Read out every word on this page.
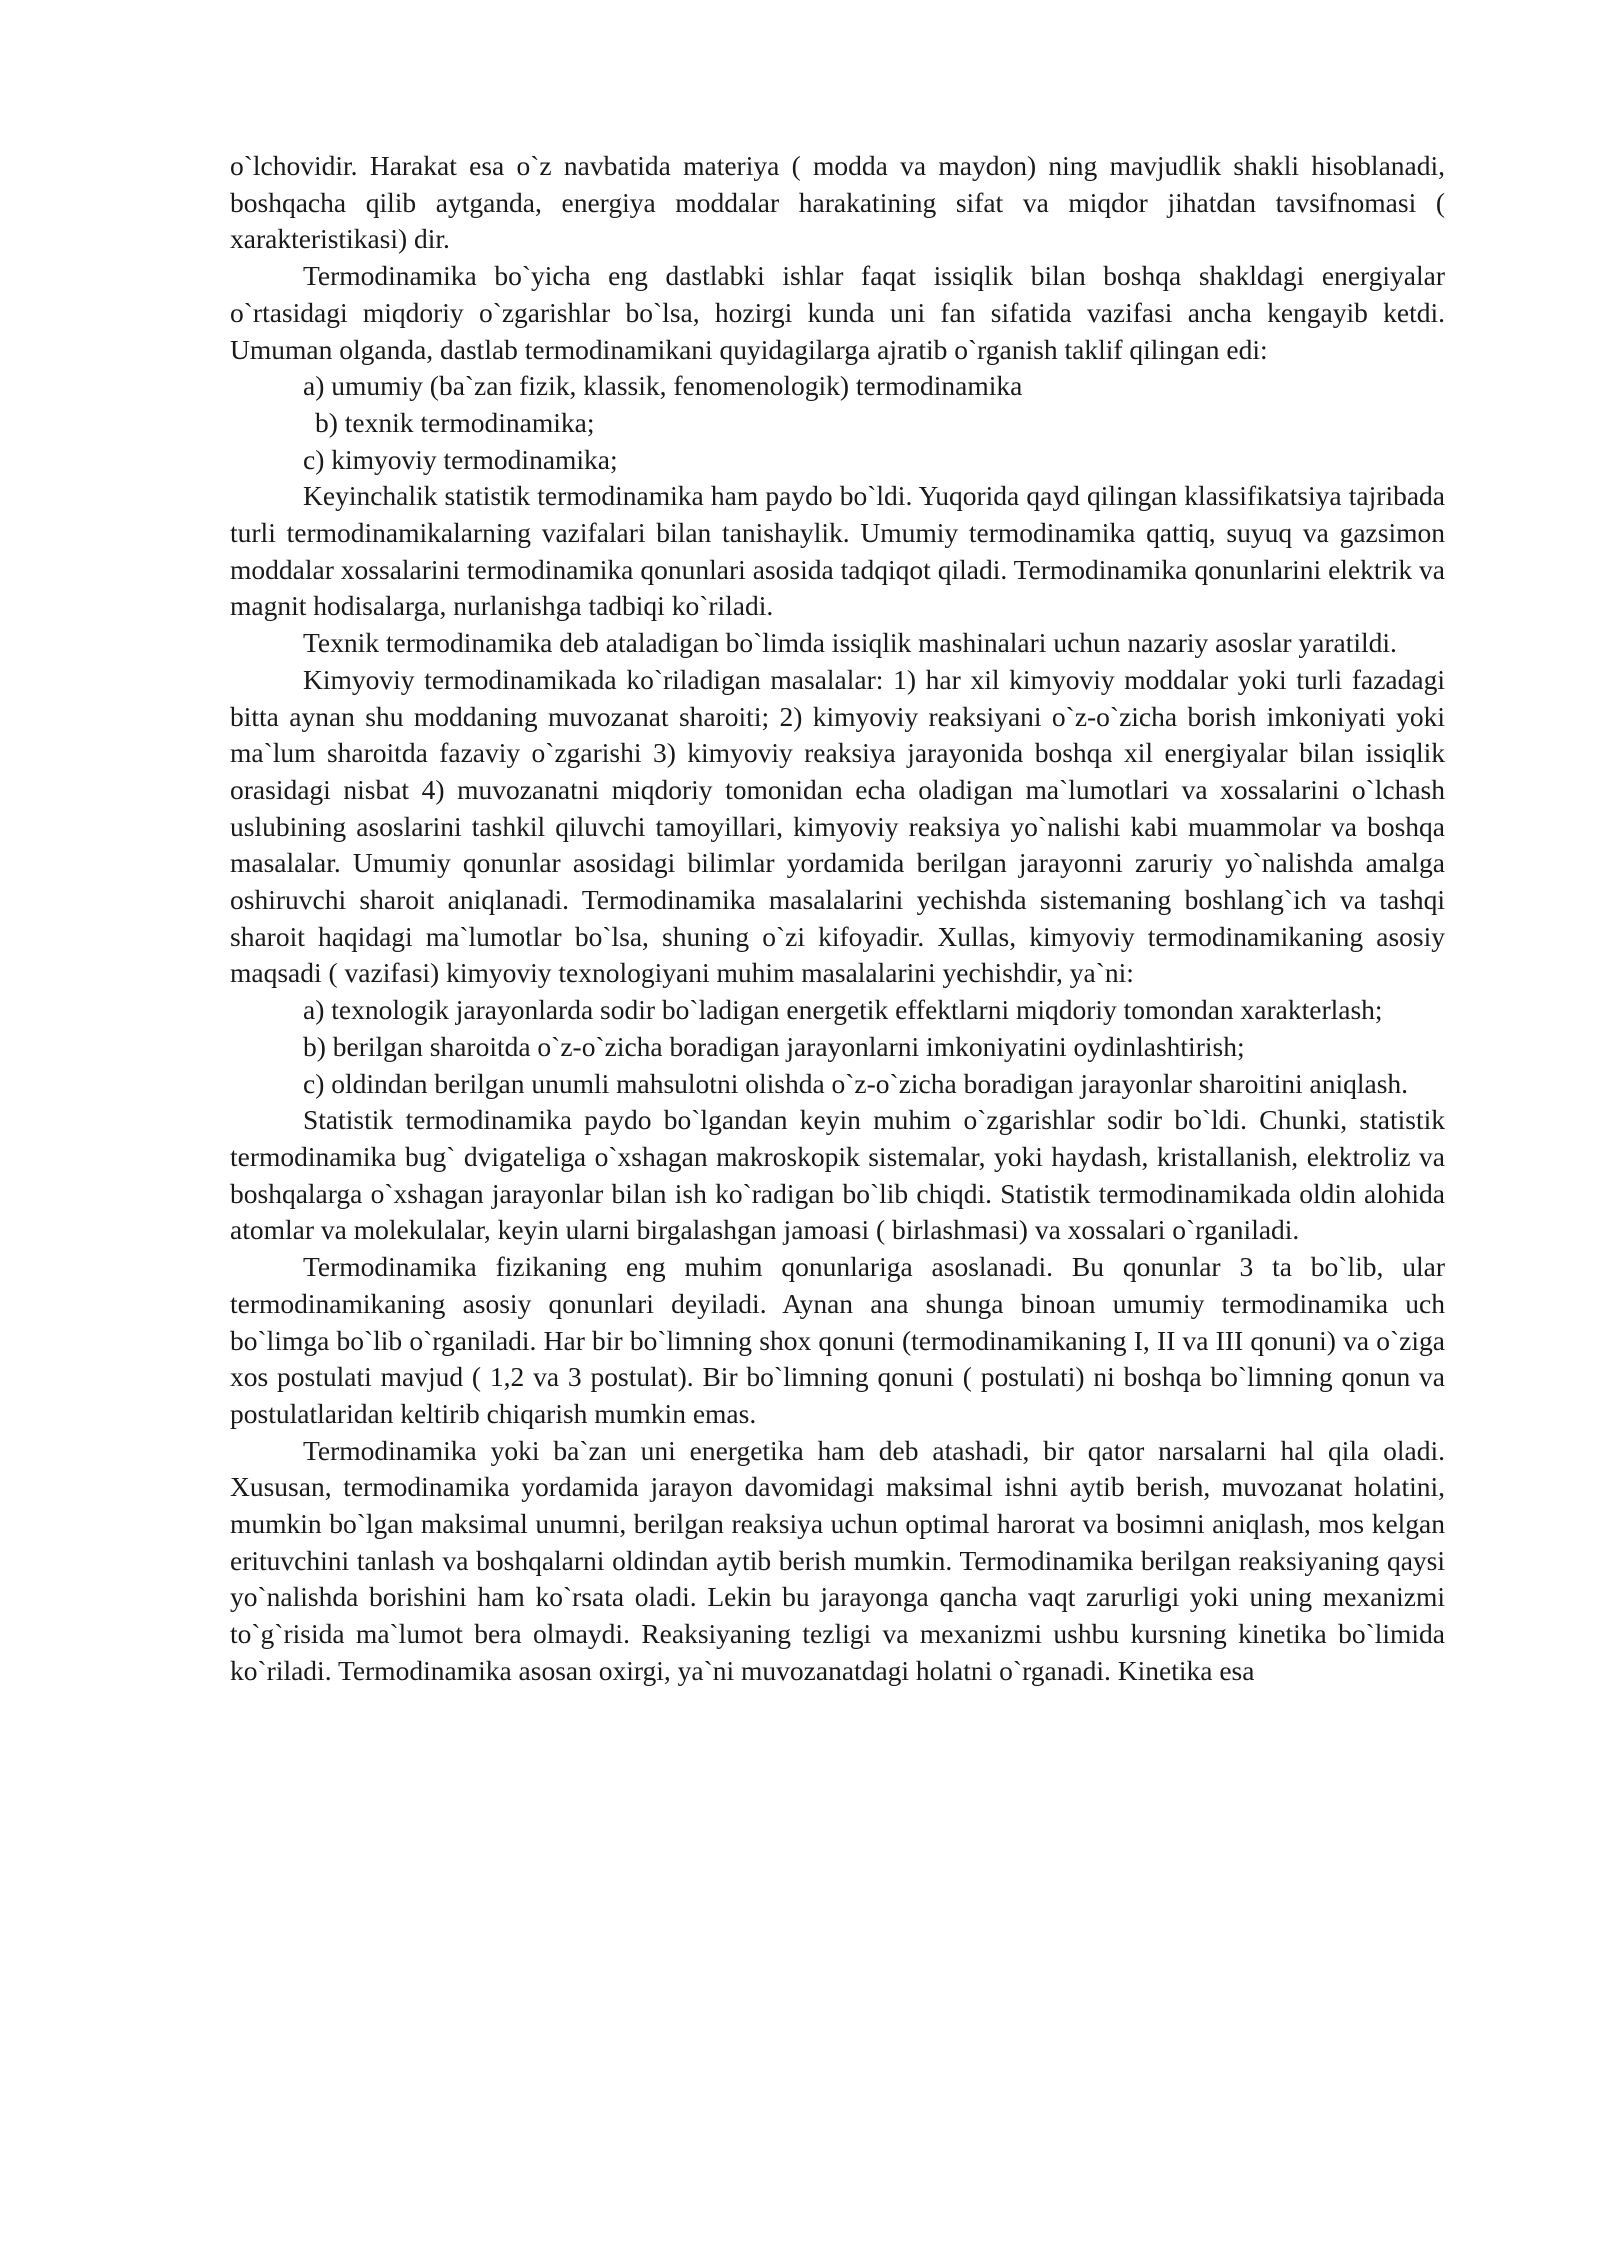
o`lchovidir. Harakat esa o`z navbatida materiya ( modda va maydon) ning mavjudlik shakli hisoblanadi, boshqacha qilib aytganda, energiya moddalar harakatining sifat va miqdor jihatdan tavsifnomasi ( xarakteristikasi) dir.

Termodinamika bo`yicha eng dastlabki ishlar faqat issiqlik bilan boshqa shakldagi energiyalar o`rtasidagi miqdoriy o`zgarishlar bo`lsa, hozirgi kunda uni fan sifatida vazifasi ancha kengayib ketdi. Umuman olganda, dastlab termodinamikani quyidagilarga ajratib o`rganish taklif qilingan edi:

a) umumiy (ba`zan fizik, klassik, fenomenologik) termodinamika

b) texnik termodinamika;

c) kimyoviy termodinamika;

Keyinchalik statistik termodinamika ham paydo bo`ldi. Yuqorida qayd qilingan klassifikatsiya tajribada turli termodinamikalarning vazifalari bilan tanishaylik. Umumiy termodinamika qattiq, suyuq va gazsimon moddalar xossalarini termodinamika qonunlari asosida tadqiqot qiladi. Termodinamika qonunlarini elektrik va magnit hodisalarga, nurlanishga tadbiqi ko`riladi.

Texnik termodinamika deb ataladigan bo`limda issiqlik mashinalari uchun nazariy asoslar yaratildi.

Kimyoviy termodinamikada ko`riladigan masalalar: 1) har xil kimyoviy moddalar yoki turli fazadagi bitta aynan shu moddaning muvozanat sharoiti; 2) kimyoviy reaksiyani o`z-o`zicha borish imkoniyati yoki ma`lum sharoitda fazaviy o`zgarishi 3) kimyoviy reaksiya jarayonida boshqa xil energiyalar bilan issiqlik orasidagi nisbat 4) muvozanatni miqdoriy tomonidan echa oladigan ma`lumotlari va xossalarini o`lchash uslubining asoslarini tashkil qiluvchi tamoyillari, kimyoviy reaksiya yo`nalishi kabi muammolar va boshqa masalalar. Umumiy qonunlar asosidagi bilimlar yordamida berilgan jarayonni zaruriy yo`nalishda amalga oshiruvchi sharoit aniqlanadi. Termodinamika masalalarini yechishda sistemaning boshlang`ich va tashqi sharoit haqidagi ma`lumotlar bo`lsa, shuning o`zi kifoyadir. Xullas, kimyoviy termodinamikaning asosiy maqsadi ( vazifasi) kimyoviy texnologiyani muhim masalalarini yechishdir, ya`ni:

a) texnologik jarayonlarda sodir bo`ladigan energetik effektlarni miqdoriy tomondan xarakterlash;

b) berilgan sharoitda o`z-o`zicha boradigan jarayonlarni imkoniyatini oydinlashtirish;

c) oldindan berilgan unumli mahsulotni olishda o`z-o`zicha boradigan jarayonlar sharoitini aniqlash.

Statistik termodinamika paydo bo`lgandan keyin muhim o`zgarishlar sodir bo`ldi. Chunki, statistik termodinamika bug` dvigateliga o`xshagan makroskopik sistemalar, yoki haydash, kristallanish, elektroliz va boshqalarga o`xshagan jarayonlar bilan ish ko`radigan bo`lib chiqdi. Statistik termodinamikada oldin alohida atomlar va molekulalar, keyin ularni birgalashgan jamoasi ( birlashmasi) va xossalari o`rganiladi.

Termodinamika fizikaning eng muhim qonunlariga asoslanadi. Bu qonunlar 3 ta bo`lib, ular termodinamikaning asosiy qonunlari deyiladi. Aynan ana shunga binoan umumiy termodinamika uch bo`limga bo`lib o`rganiladi. Har bir bo`limning shox qonuni (termodinamikaning I, II va III qonuni) va o`ziga xos postulati mavjud ( 1,2 va 3 postulat). Bir bo`limning qonuni ( postulati) ni boshqa bo`limning qonun va postulatlaridan keltirib chiqarish mumkin emas.

Termodinamika yoki ba`zan uni energetika ham deb atashadi, bir qator narsalarni hal qila oladi. Xususan, termodinamika yordamida jarayon davomidagi maksimal ishni aytib berish, muvozanat holatini, mumkin bo`lgan maksimal unumni, berilgan reaksiya uchun optimal harorat va bosimni aniqlash, mos kelgan erituvchini tanlash va boshqalarni oldindan aytib berish mumkin. Termodinamika berilgan reaksiyaning qaysi yo`nalishda borishini ham ko`rsata oladi. Lekin bu jarayonga qancha vaqt zarurligi yoki uning mexanizmi to`g`risida ma`lumot bera olmaydi. Reaksiyaning tezligi va mexanizmi ushbu kursning kinetika bo`limida ko`riladi. Termodinamika asosan oxirgi, ya`ni muvozanatdagi holatni o`rganadi. Kinetika esa
